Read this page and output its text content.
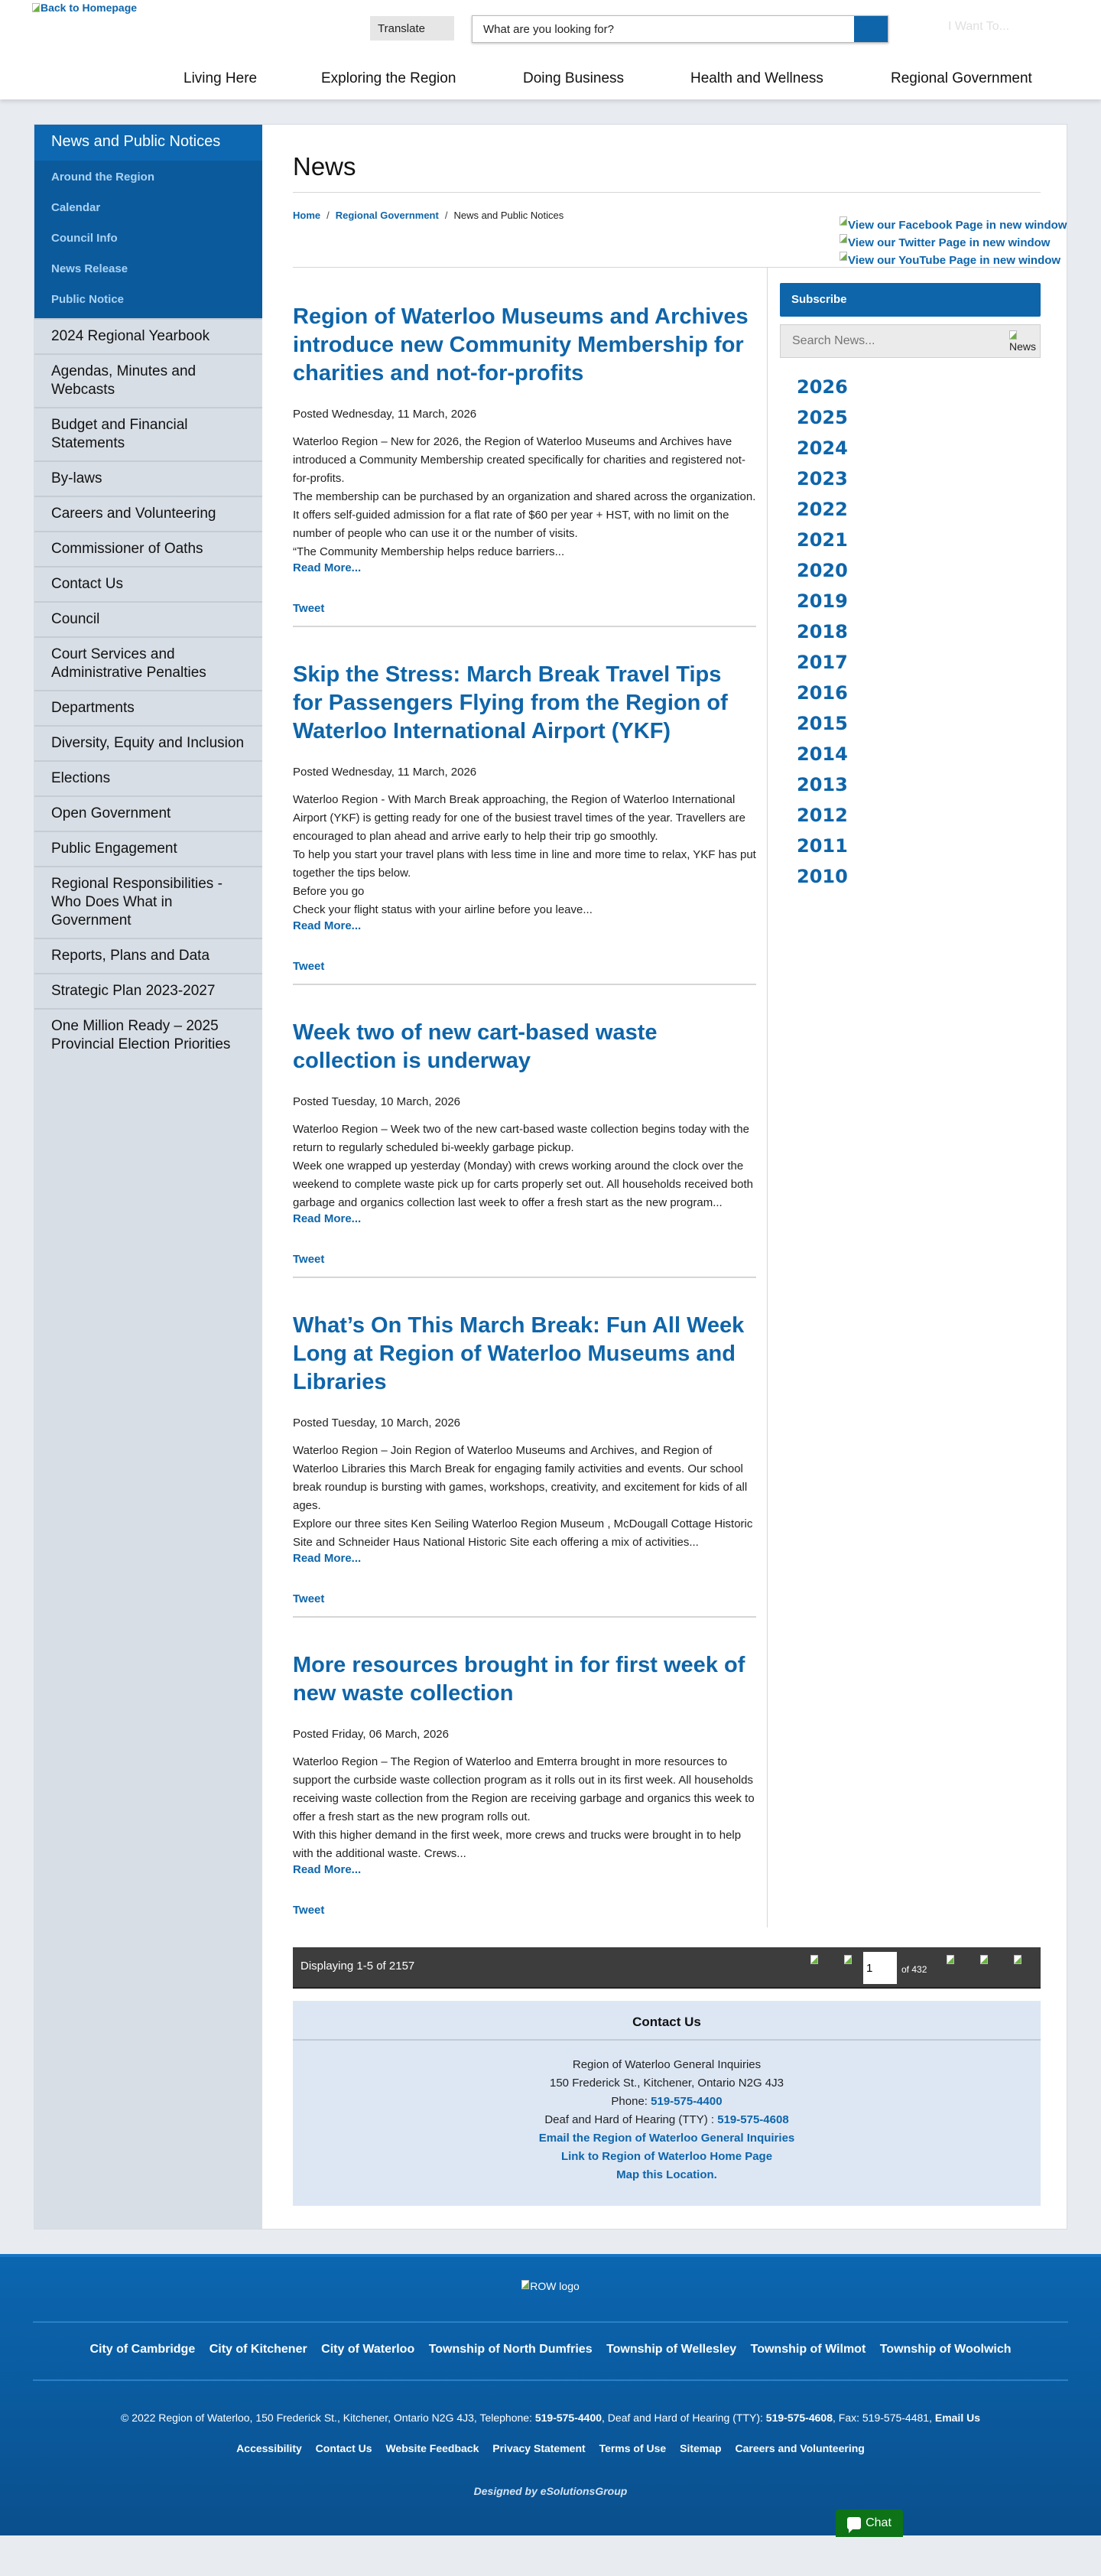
Back to Homepage
Translate
What are you looking for?	I Want To...
Living Here	Exploring the Region	Doing Business	Health and Wellness	Regional Government
News and Public Notices
Around the Region
Calendar
Council Info
News Release
Public Notice
2024 Regional Yearbook
Agendas, Minutes and Webcasts
Budget and Financial Statements
By-laws
Careers and Volunteering
Commissioner of Oaths
Contact Us
Council
Court Services and Administrative Penalties
Departments
Diversity, Equity and Inclusion
Elections
Open Government
Public Engagement
Regional Responsibilities - Who Does What in Government
Reports, Plans and Data
Strategic Plan 2023-2027
One Million Ready – 2025 Provincial Election Priorities
News
Home / Regional Government / News and Public Notices
View our Facebook Page in new window
View our Twitter Page in new window
View our YouTube Page in new window
Region of Waterloo Museums and Archives introduce new Community Membership for charities and not-for-profits
Posted Wednesday, 11 March, 2026

Waterloo Region – New for 2026, the Region of Waterloo Museums and Archives have introduced a Community Membership created specifically for charities and registered not-for-profits.

The membership can be purchased by an organization and shared across the organization. It offers self-guided admission for a flat rate of $60 per year + HST, with no limit on the number of people who can use it or the number of visits.

“The Community Membership helps reduce barriers...

Read More...
Tweet
Skip the Stress: March Break Travel Tips for Passengers Flying from the Region of Waterloo International Airport (YKF)
Posted Wednesday, 11 March, 2026

Waterloo Region - With March Break approaching, the Region of Waterloo International Airport (YKF) is getting ready for one of the busiest travel times of the year. Travellers are encouraged to plan ahead and arrive early to help their trip go smoothly.

To help you start your travel plans with less time in line and more time to relax, YKF has put together the tips below.

Before you go

Check your flight status with your airline before you leave...

Read More...
Tweet
Week two of new cart-based waste collection is underway
Posted Tuesday, 10 March, 2026

Waterloo Region – Week two of the new cart-based waste collection begins today with the return to regularly scheduled bi-weekly garbage pickup.

Week one wrapped up yesterday (Monday) with crews working around the clock over the weekend to complete waste pick up for carts properly set out. All households received both garbage and organics collection last week to offer a fresh start as the new program...

Read More...
Tweet
What’s On This March Break: Fun All Week Long at Region of Waterloo Museums and Libraries
Posted Tuesday, 10 March, 2026

Waterloo Region – Join Region of Waterloo Museums and Archives, and Region of Waterloo Libraries this March Break for engaging family activities and events. Our school break roundup is bursting with games, workshops, creativity, and excitement for kids of all ages.

Explore our three sites Ken Seiling Waterloo Region Museum , McDougall Cottage Historic Site and Schneider Haus National Historic Site each offering a mix of activities...

Read More...
Tweet
More resources brought in for first week of new waste collection
Posted Friday, 06 March, 2026

Waterloo Region – The Region of Waterloo and Emterra brought in more resources to support the curbside waste collection program as it rolls out in its first week. All households receiving waste collection from the Region are receiving garbage and organics this week to offer a fresh start as the new program rolls out.

With this higher demand in the first week, more crews and trucks were brought in to help with the additional waste. Crews...

Read More...
Tweet
Subscribe
Search News...

News
2026
2025
2024
2023
2022
2021
2020
2019
2018
2017
2016
2015
2014
2013
2012
2011
2010
Displaying 1-5 of 2157
1	of 432
Contact Us
Region of Waterloo General Inquiries
150 Frederick St., Kitchener, Ontario N2G 4J3
Phone: 519-575-4400
Deaf and Hard of Hearing (TTY) : 519-575-4608
Email the Region of Waterloo General Inquiries
Link to Region of Waterloo Home Page
Map this Location.
ROW logo
City of Cambridge City of Kitchener City of Waterloo Township of North Dumfries Township of Wellesley Township of Wilmot Township of Woolwich
© 2022 Region of Waterloo, 150 Frederick St., Kitchener, Ontario N2G 4J3, Telephone: 519-575-4400, Deaf and Hard of Hearing (TTY): 519-575-4608, Fax: 519-575-4481, Email Us
Accessibility Contact Us Website Feedback Privacy Statement Terms of Use Sitemap Careers and Volunteering
Designed by eSolutionsGroup
Chat
